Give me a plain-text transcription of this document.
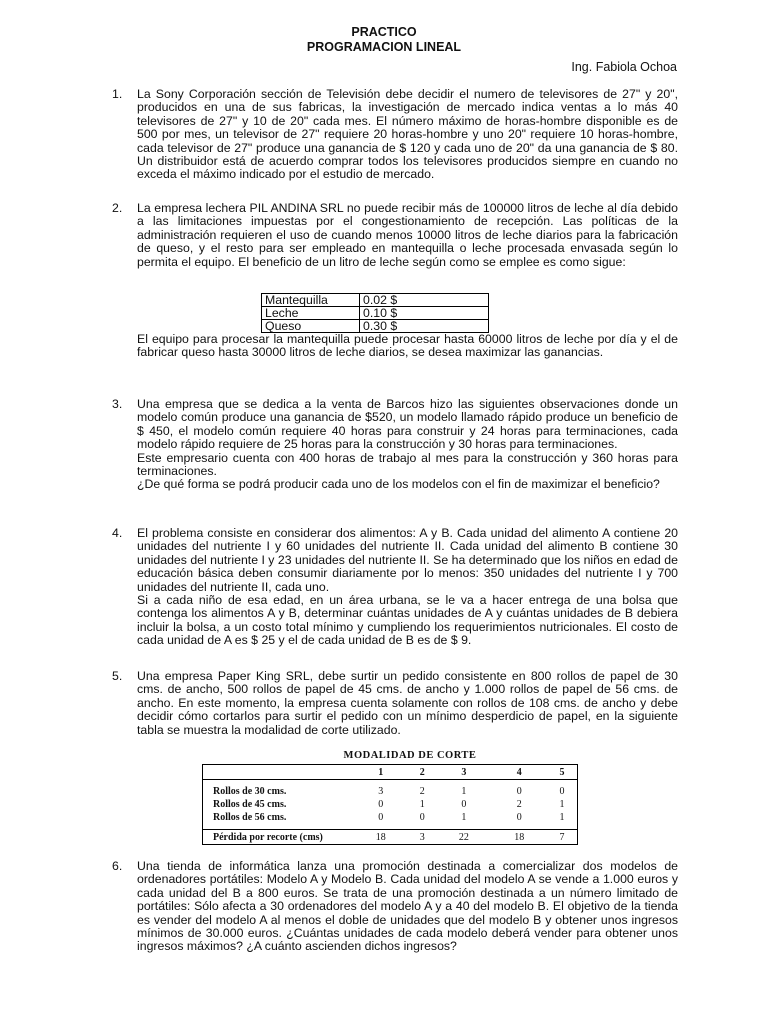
PRACTICO
PROGRAMACION LINEAL
Ing. Fabiola Ochoa
1. La Sony Corporación sección de Televisión debe decidir el numero de televisores de 27" y 20", producidos en una de sus fabricas, la investigación de mercado indica ventas a lo más 40 televisores de 27" y 10 de 20" cada mes. El número máximo de horas-hombre disponible es de 500 por mes, un televisor de 27" requiere 20 horas-hombre y uno 20" requiere 10 horas-hombre, cada televisor de 27" produce una ganancia de $ 120 y cada uno de 20" da una ganancia de $ 80. Un distribuidor está de acuerdo comprar todos los televisores producidos siempre en cuando no exceda el máximo indicado por el estudio de mercado.

2. La empresa lechera PIL ANDINA SRL no puede recibir más de 100000 litros de leche al día debido a las limitaciones impuestas por el congestionamiento de recepción. Las políticas de la administración requieren el uso de cuando menos 10000 litros de leche diarios para la fabricación de queso, y el resto para ser empleado en mantequilla o leche procesada envasada según lo permita el equipo. El beneficio de un litro de leche según como se emplee es como sigue:

Mantequilla	0.02 $
Leche	0.10 $
Queso	0.30 $

El equipo para procesar la mantequilla puede procesar hasta 60000 litros de leche por día y el de fabricar queso hasta 30000 litros de leche diarios, se desea maximizar las ganancias.

3. Una empresa que se dedica a la venta de Barcos hizo las siguientes observaciones donde un modelo común produce una ganancia de $520, un modelo llamado rápido produce un beneficio de $ 450, el modelo común requiere 40 horas para construir y 24 horas para terminaciones, cada modelo rápido requiere de 25 horas para la construcción y 30 horas para terminaciones.

Este empresario cuenta con 400 horas de trabajo al mes para la construcción y 360 horas para terminaciones.

¿De qué forma se podrá producir cada uno de los modelos con el fin de maximizar el beneficio?

4. El problema consiste en considerar dos alimentos: A y B. Cada unidad del alimento A contiene 20 unidades del nutriente I y 60 unidades del nutriente II. Cada unidad del alimento B contiene 30 unidades del nutriente I y 23 unidades del nutriente II. Se ha determinado que los niños en edad de educación básica deben consumir diariamente por lo menos: 350 unidades del nutriente I y 700 unidades del nutriente II, cada uno.

Si a cada niño de esa edad, en un área urbana, se le va a hacer entrega de una bolsa que contenga los alimentos A y B, determinar cuántas unidades de A y cuántas unidades de B debiera incluir la bolsa, a un costo total mínimo y cumpliendo los requerimientos nutricionales. El costo de cada unidad de A es $ 25 y el de cada unidad de B es de $ 9.

5. Una empresa Paper King SRL, debe surtir un pedido consistente en 800 rollos de papel de 30 cms. de ancho, 500 rollos de papel de 45 cms. de ancho y 1.000 rollos de papel de 56 cms. de ancho. En este momento, la empresa cuenta solamente con rollos de 108 cms. de ancho y debe decidir cómo cortarlos para surtir el pedido con un mínimo desperdicio de papel, en la siguiente tabla se muestra la modalidad de corte utilizado.

MODALIDAD DE CORTE
	1	2	3	4	5

Rollos de 30 cms.	3	2	1	0	0
Rollos de 45 cms.	0	1	0	2	1
Rollos de 56 cms.	0	0	1	0	1

Pérdida por recorte (cms)	18	3	22	18	7
6. Una tienda de informática lanza una promoción destinada a comercializar dos modelos de ordenadores portátiles: Modelo A y Modelo B. Cada unidad del modelo A se vende a 1.000 euros y cada unidad del B a 800 euros. Se trata de una promoción destinada a un número limitado de portátiles: Sólo afecta a 30 ordenadores del modelo A y a 40 del modelo B. El objetivo de la tienda es vender del modelo A al menos el doble de unidades que del modelo B y obtener unos ingresos mínimos de 30.000 euros. ¿Cuántas unidades de cada modelo deberá vender para obtener unos ingresos máximos? ¿A cuánto ascienden dichos ingresos?
